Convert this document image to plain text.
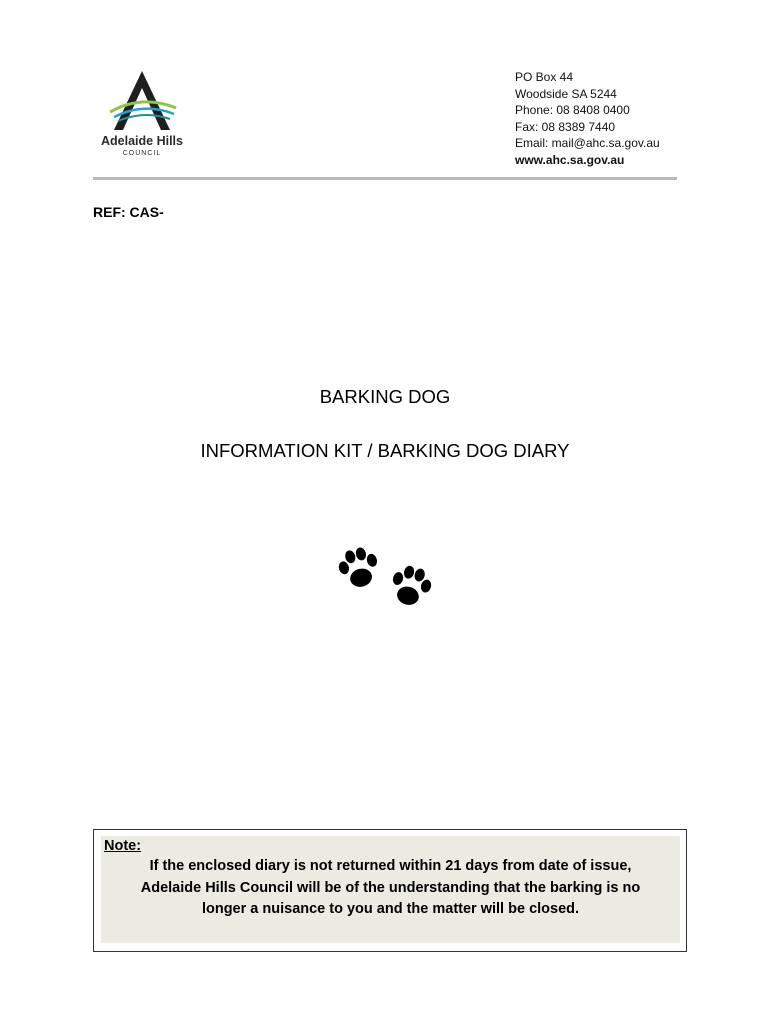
Adelaide Hills
COUNCIL
PO Box 44
Woodside SA 5244
Phone: 08 8408 0400
Fax: 08 8389 7440
Email: mail@ahc.sa.gov.au
www.ahc.sa.gov.au
REF: CAS-
BARKING DOG
INFORMATION KIT / BARKING DOG DIARY
Note:
If the enclosed diary is not returned within 21 days from date of issue,
Adelaide Hills Council will be of the understanding that the barking is no
longer a nuisance to you and the matter will be closed.
